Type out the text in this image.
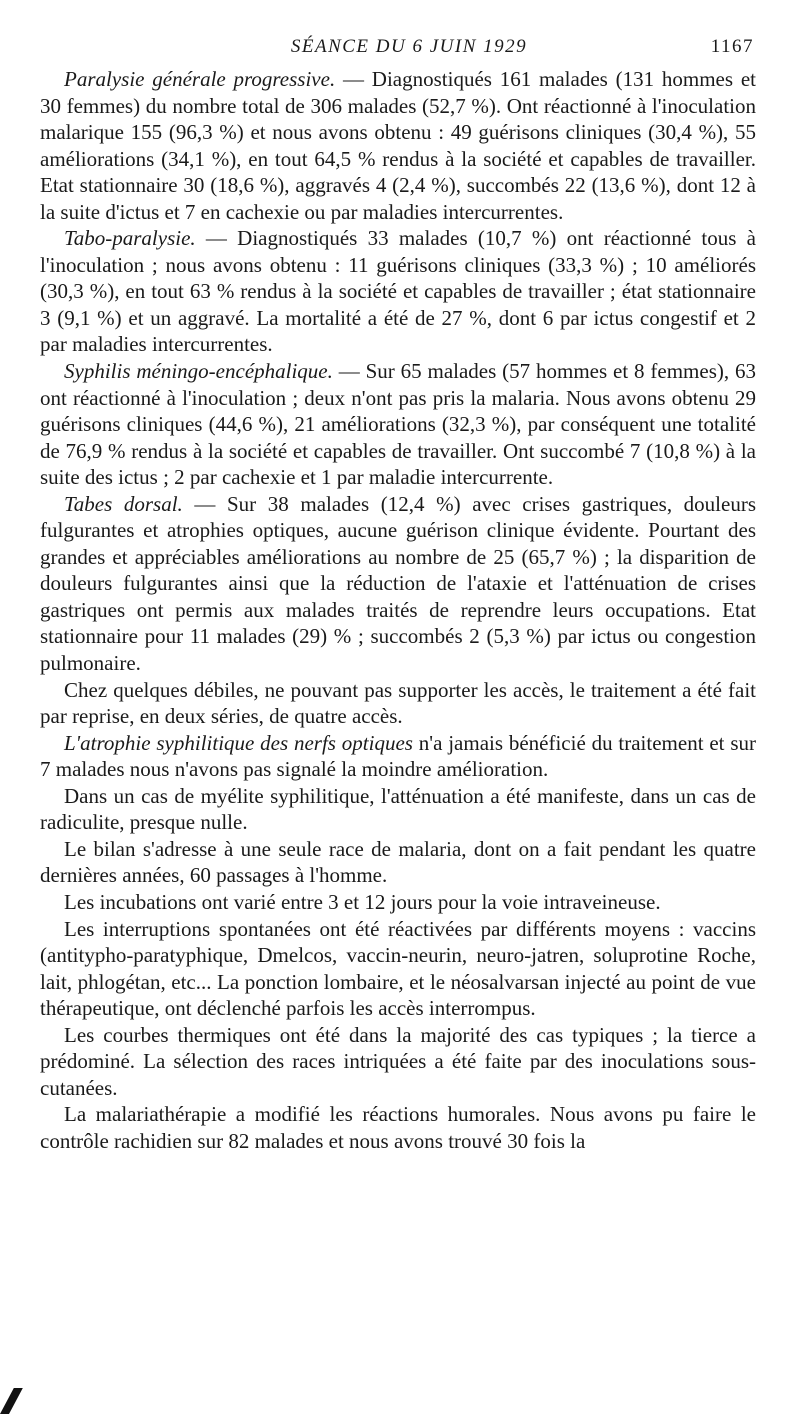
SÉANCE DU 6 JUIN 1929	1167

Paralysie générale progressive. — Diagnostiqués 161 malades (131 hommes et 30 femmes) du nombre total de 306 malades (52,7 %). Ont réactionné à l'inoculation malarique 155 (96,3 %) et nous avons obtenu : 49 guérisons cliniques (30,4 %), 55 améliorations (34,1 %), en tout 64,5 % rendus à la société et capables de travailler. Etat stationnaire 30 (18,6 %), aggravés 4 (2,4 %), succombés 22 (13,6 %), dont 12 à la suite d'ictus et 7 en cachexie ou par maladies intercurrentes.

Tabo-paralysie. — Diagnostiqués 33 malades (10,7 %) ont réactionné tous à l'inoculation ; nous avons obtenu : 11 guérisons cliniques (33,3 %) ; 10 améliorés (30,3 %), en tout 63 % rendus à la société et capables de travailler ; état stationnaire 3 (9,1 %) et un aggravé. La mortalité a été de 27 %, dont 6 par ictus congestif et 2 par maladies intercurrentes.

Syphilis méningo-encéphalique. — Sur 65 malades (57 hommes et 8 femmes), 63 ont réactionné à l'inoculation ; deux n'ont pas pris la malaria. Nous avons obtenu 29 guérisons cliniques (44,6 %), 21 améliorations (32,3 %), par conséquent une totalité de 76,9 % rendus à la société et capables de travailler. Ont succombé 7 (10,8 %) à la suite des ictus ; 2 par cachexie et 1 par maladie intercurrente.

Tabes dorsal. — Sur 38 malades (12,4 %) avec crises gastriques, douleurs fulgurantes et atrophies optiques, aucune guérison clinique évidente. Pourtant des grandes et appréciables améliorations au nombre de 25 (65,7 %) ; la disparition de douleurs fulgurantes ainsi que la réduction de l'ataxie et l'atténuation de crises gastriques ont permis aux malades traités de reprendre leurs occupations. Etat stationnaire pour 11 malades (29) % ; succombés 2 (5,3 %) par ictus ou congestion pulmonaire.

Chez quelques débiles, ne pouvant pas supporter les accès, le traitement a été fait par reprise, en deux séries, de quatre accès.

L'atrophie syphilitique des nerfs optiques n'a jamais bénéficié du traitement et sur 7 malades nous n'avons pas signalé la moindre amélioration.

Dans un cas de myélite syphilitique, l'atténuation a été manifeste, dans un cas de radiculite, presque nulle.

Le bilan s'adresse à une seule race de malaria, dont on a fait pendant les quatre dernières années, 60 passages à l'homme.

Les incubations ont varié entre 3 et 12 jours pour la voie intraveineuse.

Les interruptions spontanées ont été réactivées par différents moyens : vaccins (antitypho-paratyphique, Dmelcos, vaccin-neurin, neuro-jatren, soluprotine Roche, lait, phlogétan, etc... La ponction lombaire, et le néosalvarsan injecté au point de vue thérapeutique, ont déclenché parfois les accès interrompus.

Les courbes thermiques ont été dans la majorité des cas typiques ; la tierce a prédominé. La sélection des races intriquées a été faite par des inoculations sous-cutanées.

La malariathérapie a modifié les réactions humorales. Nous avons pu faire le contrôle rachidien sur 82 malades et nous avons trouvé 30 fois la
